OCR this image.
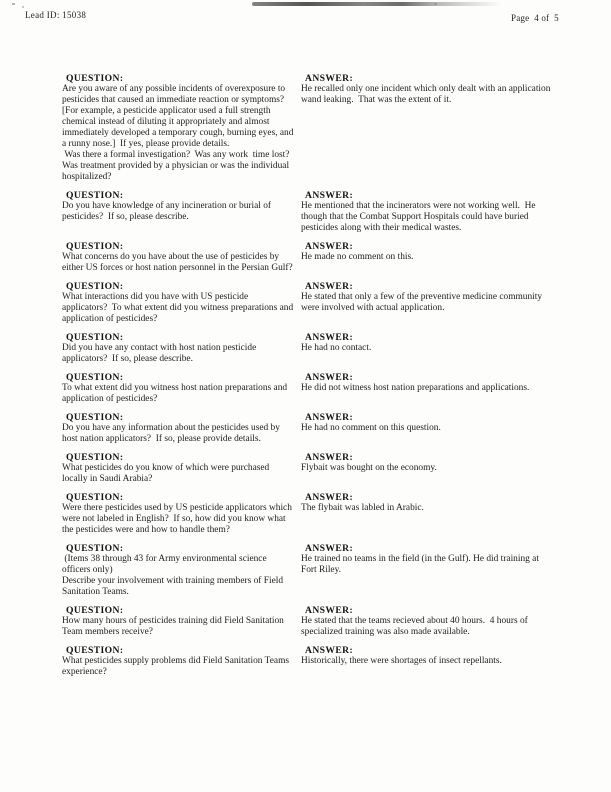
Lead ID: 15038	Page  4 of  5
QUESTION:

Are you aware of any possible incidents of overexposure to pesticides that caused an immediate reaction or symptoms?  [For example, a pesticide applicator used a full strength chemical instead of diluting it appropriately and almost immediately developed a temporary cough, burning eyes, and a runny nose.]  If yes, please provide details.

Was there a formal investigation?  Was any work  time lost?  Was treatment provided by a physician or was the individual hospitalized?

ANSWER:

He recalled only one incident which only dealt with an application wand leaking.  That was the extent of it.

QUESTION:

Do you have knowledge of any incineration or burial of pesticides?  If so, please describe.

ANSWER:

He mentioned that the incinerators were not working well.  He though that the Combat Support Hospitals could have buried pesticides along with their medical wastes.

QUESTION:

What concerns do you have about the use of pesticides by either US forces or host nation personnel in the Persian Gulf?

ANSWER:

He made no comment on this.

QUESTION:

What interactions did you have with US pesticide applicators?  To what extent did you witness preparations and application of pesticides?

ANSWER:

He stated that only a few of the preventive medicine community were involved with actual application.

QUESTION:

Did you have any contact with host nation pesticide applicators?  If so, please describe.

ANSWER:

He had no contact.

QUESTION:

To what extent did you witness host nation preparations and application of pesticides?

ANSWER:

He did not witness host nation preparations and applications.

QUESTION:

Do you have any information about the pesticides used by host nation applicators?  If so, please provide details.

ANSWER:

He had no comment on this question.

QUESTION:

What pesticides do you know of which were purchased locally in Saudi Arabia?

ANSWER:

Flybait was bought on the economy.

QUESTION:

Were there pesticides used by US pesticide applicators which were not labeled in English?  If so, how did you know what the pesticides were and how to handle them?

ANSWER:

The flybait was labled in Arabic.

QUESTION:

(Items 38 through 43 for Army environmental science officers only)

Describe your involvement with training members of Field Sanitation Teams.

ANSWER:

He trained no teams in the field (in the Gulf). He did training at Fort Riley.

QUESTION:

How many hours of pesticides training did Field Sanitation Team members receive?

ANSWER:

He stated that the teams recieved about 40 hours.  4 hours of specialized training was also made available.

QUESTION:

What pesticides supply problems did Field Sanitation Teams experience?

ANSWER:

Historically, there were shortages of insect repellants.
